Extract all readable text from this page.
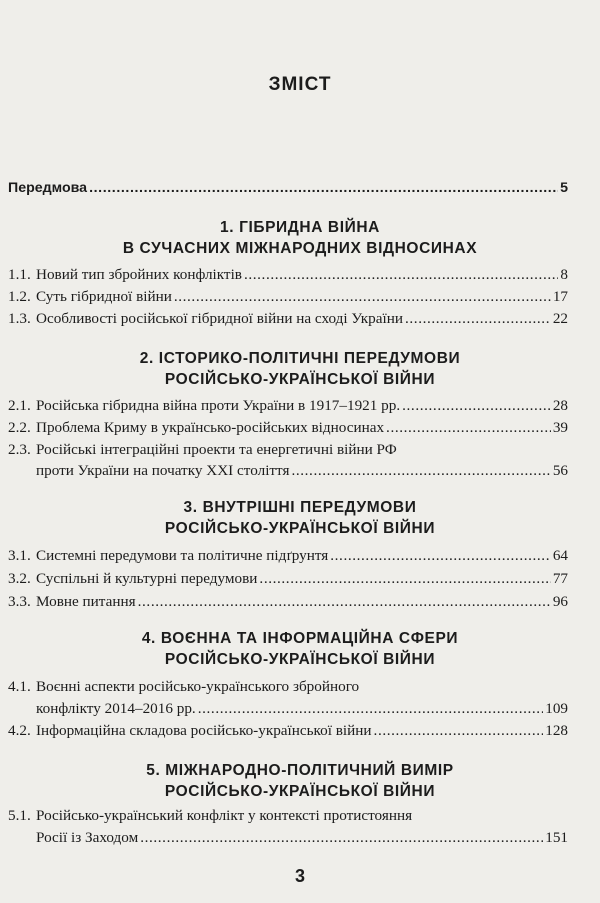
ЗМІСТ
Передмова .....	5
1. ГІБРИДНА ВІЙНА
В СУЧАСНИХ МІЖНАРОДНИХ ВІДНОСИНАХ
1.1. Новий тип збройних конфліктів .....	8
1.2. Суть гібридної війни .....	17
1.3. Особливості російської гібридної війни на сході України .....	22
2. ІСТОРИКО-ПОЛІТИЧНІ ПЕРЕДУМОВИ
РОСІЙСЬКО-УКРАЇНСЬКОЇ ВІЙНИ
2.1. Російська гібридна війна проти України в 1917–1921 рр. .....	28
2.2. Проблема Криму в українсько-російських відносинах .....	39
2.3. Російські інтеграційні проекти та енергетичні війни РФ
проти України на початку XXI століття .....	56
3. ВНУТРІШНІ ПЕРЕДУМОВИ
РОСІЙСЬКО-УКРАЇНСЬКОЇ ВІЙНИ
3.1. Системні передумови та політичне підґрунтя .....	64
3.2. Суспільні й культурні передумови .....	77
3.3. Мовне питання .....	96
4. ВОЄННА ТА ІНФОРМАЦІЙНА СФЕРИ
РОСІЙСЬКО-УКРАЇНСЬКОЇ ВІЙНИ
4.1. Воєнні аспекти російсько-українського збройного
конфлікту 2014–2016 рр. .....	109
4.2. Інформаційна складова російсько-української війни .....	128
5. МІЖНАРОДНО-ПОЛІТИЧНИЙ ВИМІР
РОСІЙСЬКО-УКРАЇНСЬКОЇ ВІЙНИ
5.1. Російсько-український конфлікт у контексті протистояння
Росії із Заходом .....	151
3
